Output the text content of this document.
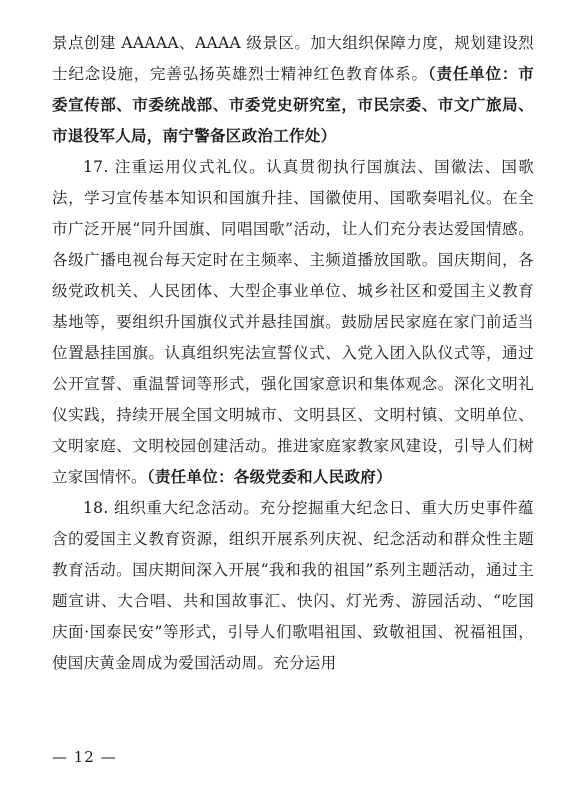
景点创建 AAAAA、AAAA 级景区。加大组织保障力度，规划建设烈士纪念设施，完善弘扬英雄烈士精神红色教育体系。（责任单位：市委宣传部、市委统战部、市委党史研究室，市民宗委、市文广旅局、市退役军人局，南宁警备区政治工作处）

17. 注重运用仪式礼仪。认真贯彻执行国旗法、国徽法、国歌法，学习宣传基本知识和国旗升挂、国徽使用、国歌奏唱礼仪。在全市广泛开展“同升国旗、同唱国歌”活动，让人们充分表达爱国情感。各级广播电视台每天定时在主频率、主频道播放国歌。国庆期间，各级党政机关、人民团体、大型企事业单位、城乡社区和爱国主义教育基地等，要组织升国旗仪式并悬挂国旗。鼓励居民家庭在家门前适当位置悬挂国旗。认真组织宪法宣誓仪式、入党入团入队仪式等，通过公开宣誓、重温誓词等形式，强化国家意识和集体观念。深化文明礼仪实践，持续开展全国文明城市、文明县区、文明村镇、文明单位、文明家庭、文明校园创建活动。推进家庭家教家风建设，引导人们树立家国情怀。（责任单位：各级党委和人民政府）

18. 组织重大纪念活动。充分挖掘重大纪念日、重大历史事件蕴含的爱国主义教育资源，组织开展系列庆祝、纪念活动和群众性主题教育活动。国庆期间深入开展“我和我的祖国”系列主题活动，通过主题宣讲、大合唱、共和国故事汇、快闪、灯光秀、游园活动、“吃国庆面·国泰民安”等形式，引导人们歌唱祖国、致敬祖国、祝福祖国，使国庆黄金周成为爱国活动周。充分运用

— 12 —
